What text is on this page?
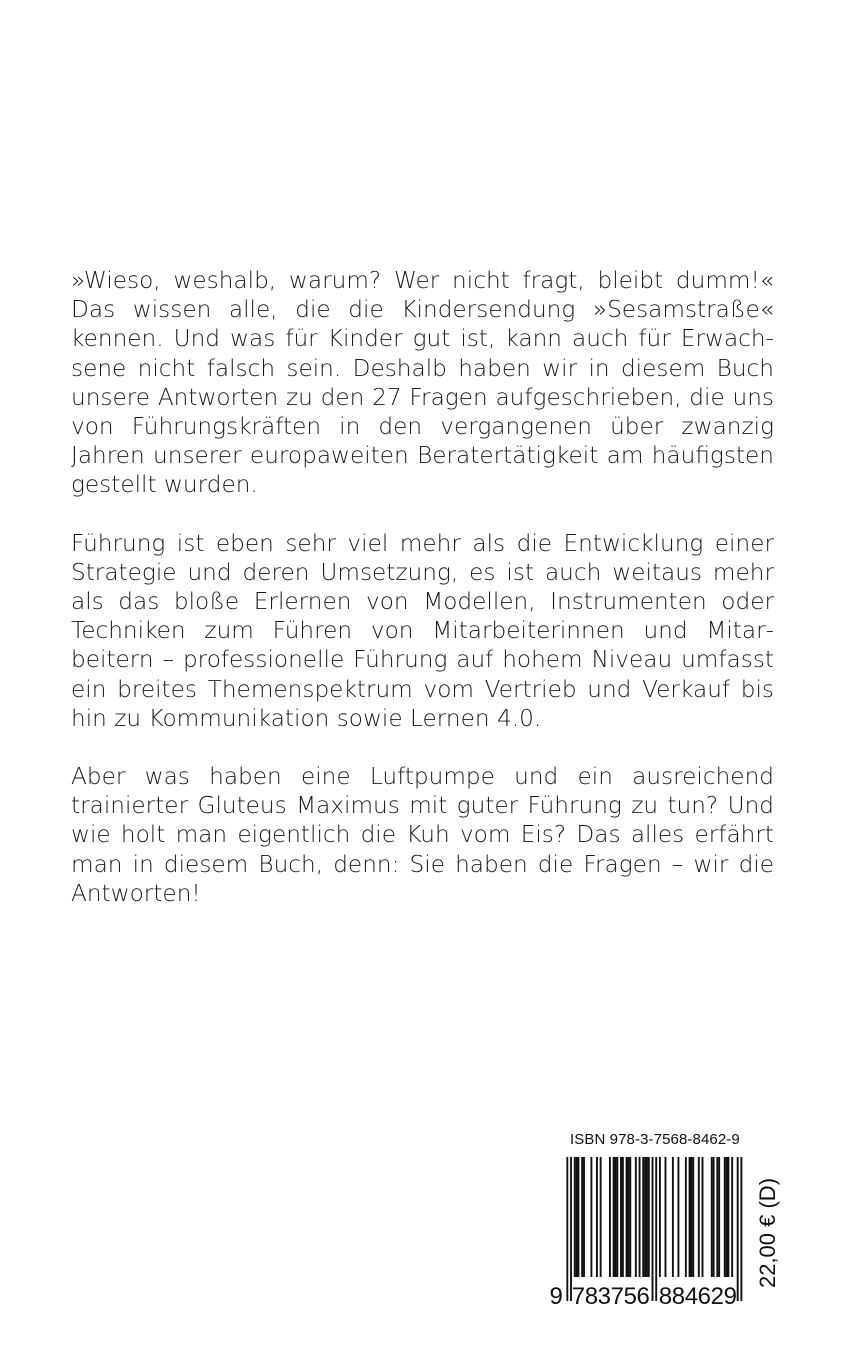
»Wieso, weshalb, warum? Wer nicht fragt, bleibt dumm!« Das wissen alle, die die Kindersendung »Sesamstraße« kennen. Und was für Kinder gut ist, kann auch für Erwachsene nicht falsch sein. Deshalb haben wir in diesem Buch unsere Antworten zu den 27 Fragen aufgeschrieben, die uns von Führungskräften in den vergangenen über zwanzig Jahren unserer europaweiten Beratertätigkeit am häufigsten gestellt wurden.

Führung ist eben sehr viel mehr als die Entwicklung einer Strategie und deren Umsetzung, es ist auch weitaus mehr als das bloße Erlernen von Modellen, Instrumenten oder Techniken zum Führen von Mitarbeiterinnen und Mitarbeitern – professionelle Führung auf hohem Niveau umfasst ein breites Themenspektrum vom Vertrieb und Verkauf bis hin zu Kommunikation sowie Lernen 4.0.

Aber was haben eine Luftpumpe und ein ausreichend trainierter Gluteus Maximus mit guter Führung zu tun? Und wie holt man eigentlich die Kuh vom Eis? Das alles erfährt man in diesem Buch, denn: Sie haben die Fragen – wir die Antworten!

ISBN 978-3-7568-8462-9
9 7 8 3 7 5 6 8 8 4 6 2 9
22,00 € (D)
